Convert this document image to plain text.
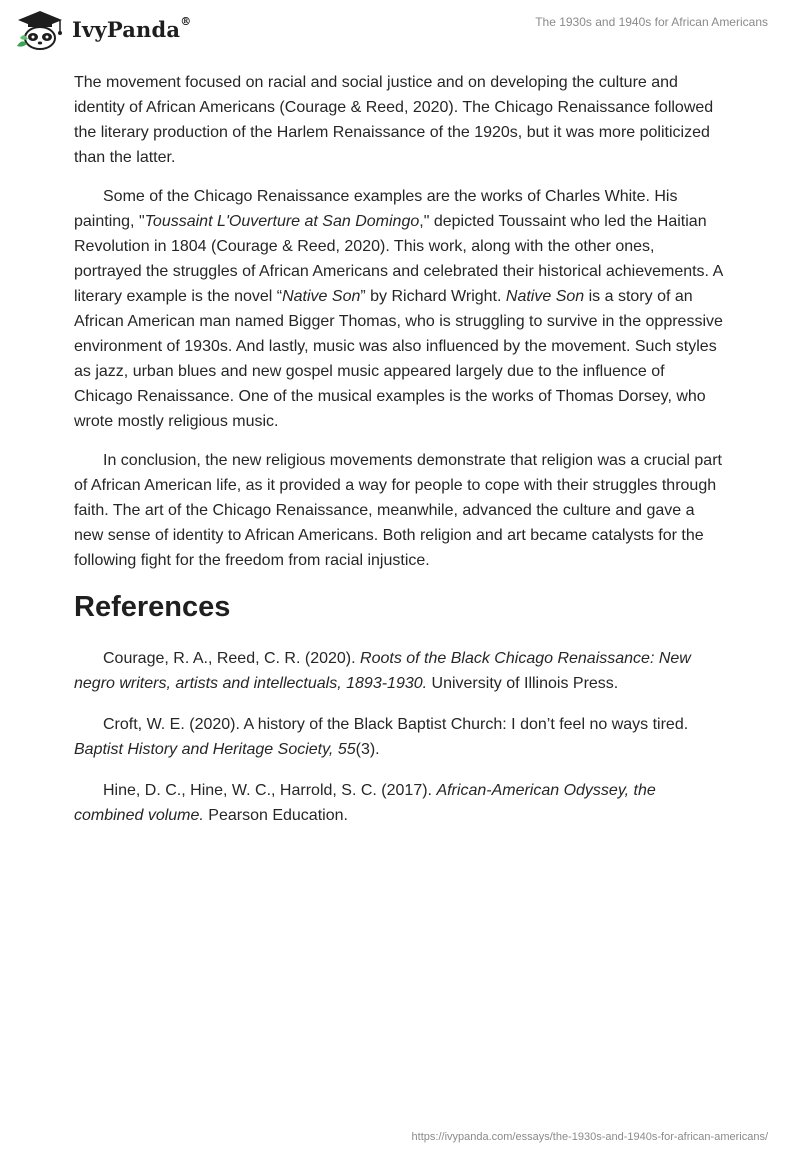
IvyPanda®	The 1930s and 1940s for African Americans

The movement focused on racial and social justice and on developing the culture and identity of African Americans (Courage & Reed, 2020). The Chicago Renaissance followed the literary production of the Harlem Renaissance of the 1920s, but it was more politicized than the latter.

Some of the Chicago Renaissance examples are the works of Charles White. His painting, "Toussaint L'Ouverture at San Domingo," depicted Toussaint who led the Haitian Revolution in 1804 (Courage & Reed, 2020). This work, along with the other ones, portrayed the struggles of African Americans and celebrated their historical achievements. A literary example is the novel “Native Son” by Richard Wright. Native Son is a story of an African American man named Bigger Thomas, who is struggling to survive in the oppressive environment of 1930s. And lastly, music was also influenced by the movement. Such styles as jazz, urban blues and new gospel music appeared largely due to the influence of Chicago Renaissance. One of the musical examples is the works of Thomas Dorsey, who wrote mostly religious music.

In conclusion, the new religious movements demonstrate that religion was a crucial part of African American life, as it provided a way for people to cope with their struggles through faith. The art of the Chicago Renaissance, meanwhile, advanced the culture and gave a new sense of identity to African Americans. Both religion and art became catalysts for the following fight for the freedom from racial injustice.

References

Courage, R. A., Reed, C. R. (2020). Roots of the Black Chicago Renaissance: New negro writers, artists and intellectuals, 1893-1930. University of Illinois Press.

Croft, W. E. (2020). A history of the Black Baptist Church: I don’t feel no ways tired. Baptist History and Heritage Society, 55(3).

Hine, D. C., Hine, W. C., Harrold, S. C. (2017). African-American Odyssey, the combined volume. Pearson Education.

https://ivypanda.com/essays/the-1930s-and-1940s-for-african-americans/
